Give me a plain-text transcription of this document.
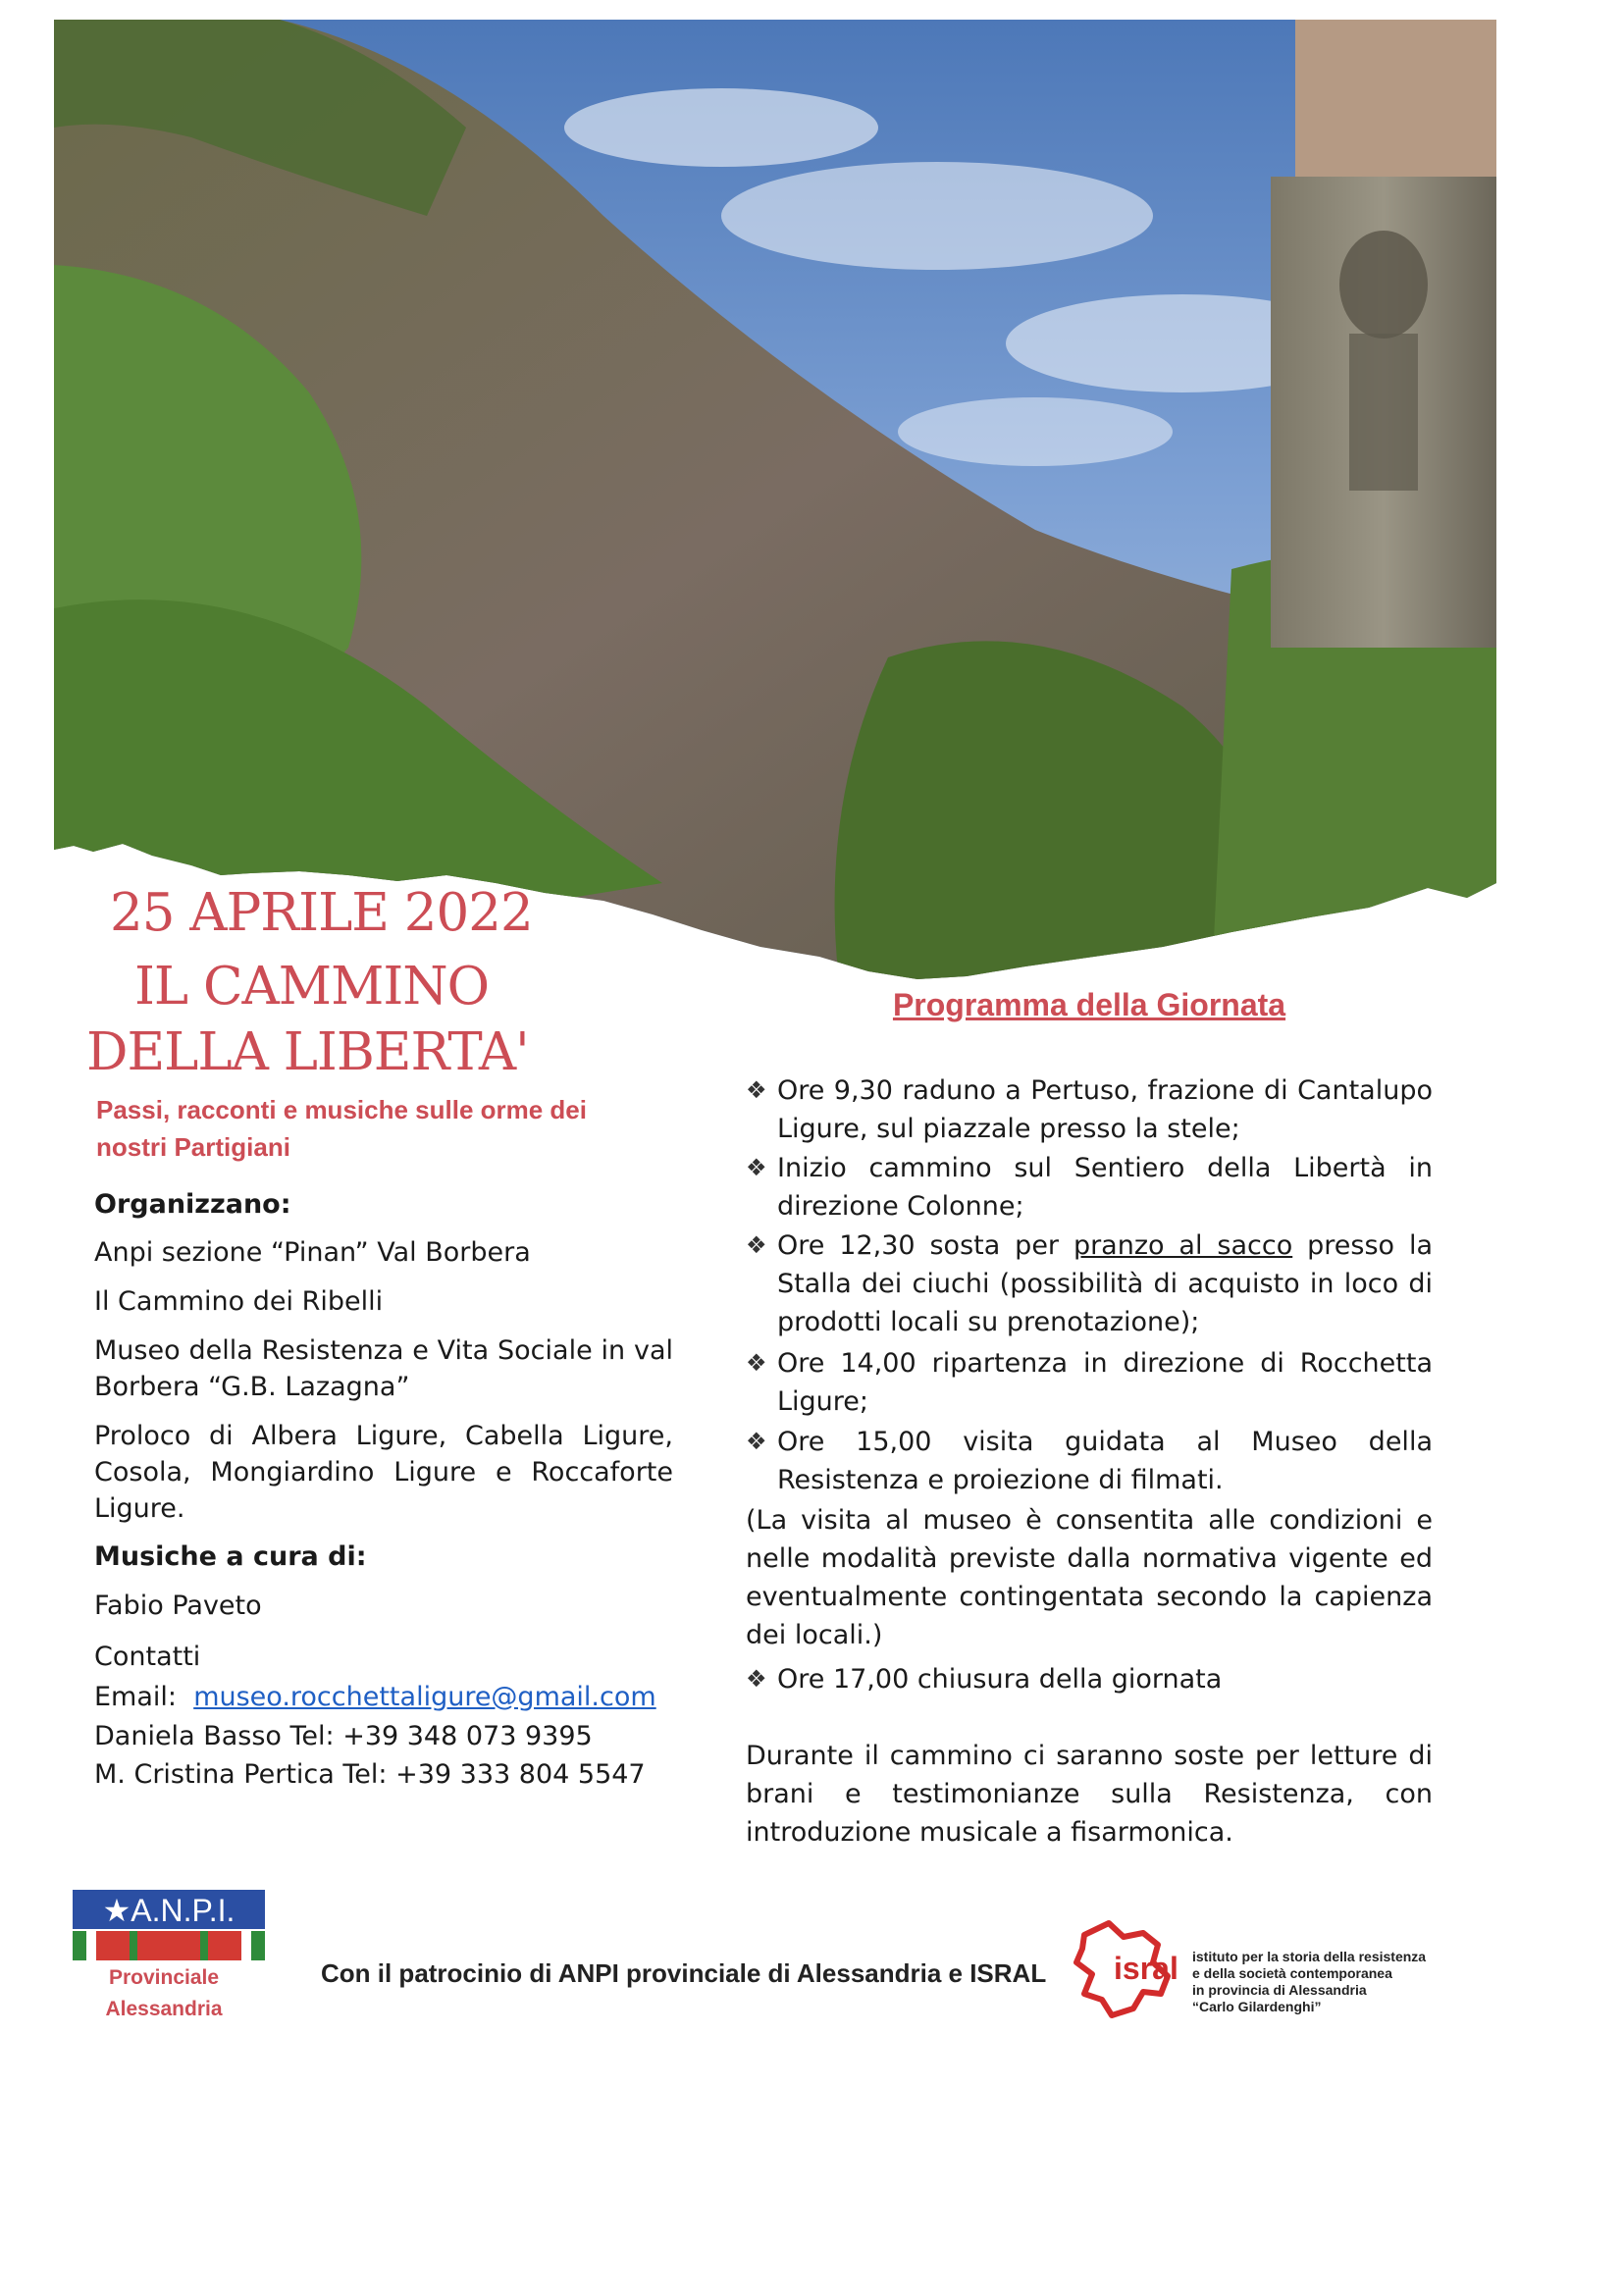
25 APRILE 2022
IL CAMMINO
DELLA LIBERTA'
Passi, racconti e musiche sulle orme dei nostri Partigiani
Organizzano:
Anpi sezione “Pinan” Val Borbera
Il Cammino dei Ribelli
Museo della Resistenza e Vita Sociale in val Borbera “G.B. Lazagna”
Proloco di Albera Ligure, Cabella Ligure, Cosola, Mongiardino Ligure e Roccaforte Ligure.
Musiche a cura di:
Fabio Paveto
Contatti
Email: museo.rocchettaligure@gmail.com
Daniela Basso Tel: +39 348 073 9395
M. Cristina Pertica Tel: +39 333 804 5547
Programma della Giornata
❖ Ore 9,30 raduno a Pertuso, frazione di Cantalupo Ligure, sul piazzale presso la stele;
❖ Inizio cammino sul Sentiero della Libertà in direzione Colonne;
❖ Ore 12,30 sosta per pranzo al sacco presso la Stalla dei ciuchi (possibilità di acquisto in loco di prodotti locali su prenotazione);
❖ Ore 14,00 ripartenza in direzione di Rocchetta Ligure;
❖ Ore 15,00 visita guidata al Museo della Resistenza e proiezione di filmati.
(La visita al museo è consentita alle condizioni e nelle modalità previste dalla normativa vigente ed eventualmente contingentata secondo la capienza dei locali.)
❖ Ore 17,00 chiusura della giornata
Durante il cammino ci saranno soste per letture di brani e testimonianze sulla Resistenza, con introduzione musicale a fisarmonica.
★A.N.P.I.
Provinciale
Alessandria
Con il patrocinio di ANPI provinciale di Alessandria e ISRAL isral istituto per la storia della resistenza
e della società contemporanea
in provincia di Alessandria
“Carlo Gilardenghi”
